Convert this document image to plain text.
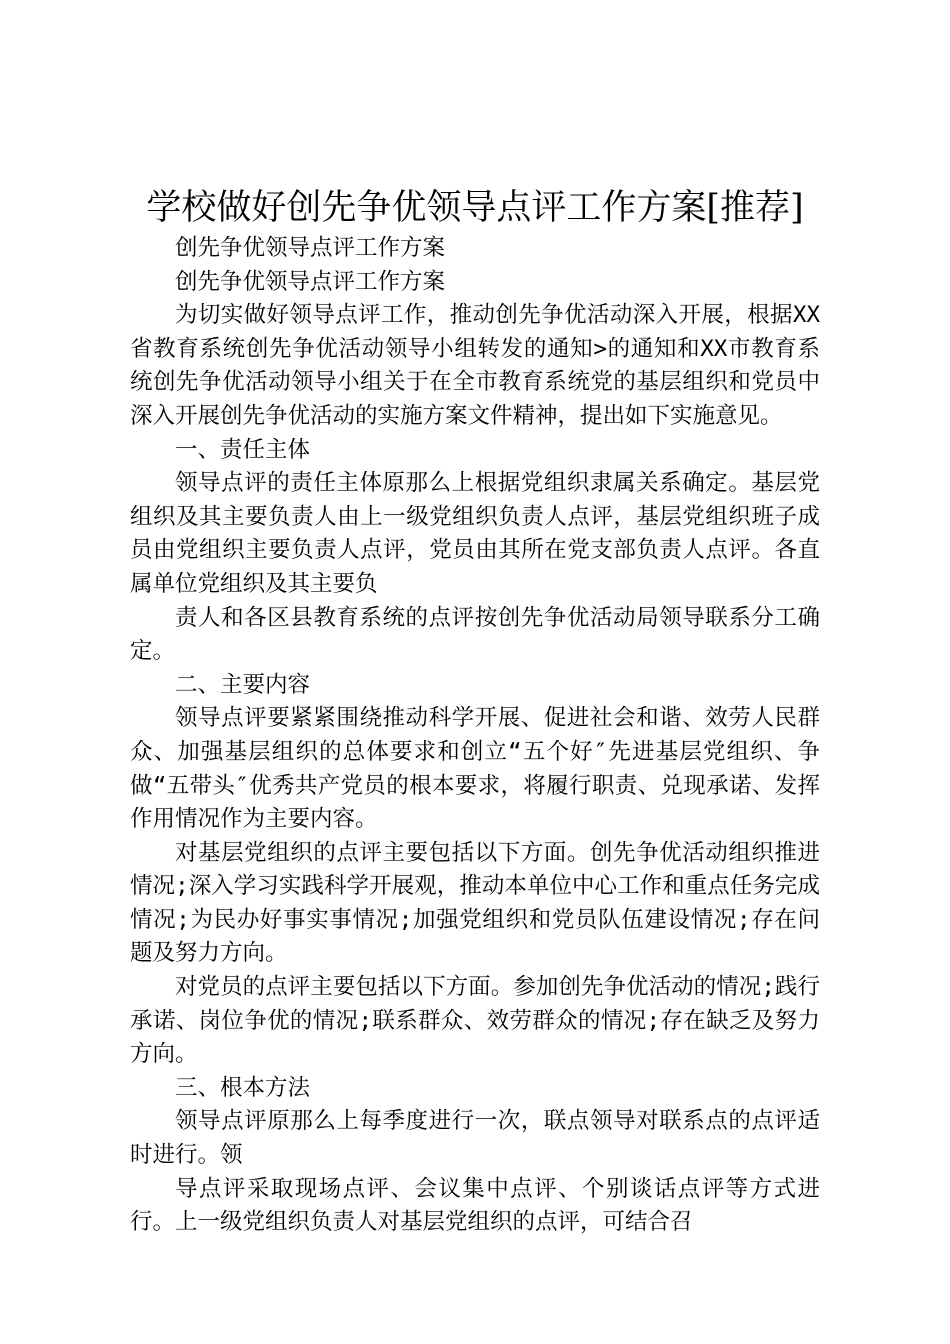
学校做好创先争优领导点评工作方案[推荐]

创先争优领导点评工作方案

创先争优领导点评工作方案

为切实做好领导点评工作，推动创先争优活动深入开展，根据XX省教育系统创先争优活动领导小组转发的通知>的通知和XX市教育系统创先争优活动领导小组关于在全市教育系统党的基层组织和党员中深入开展创先争优活动的实施方案文件精神，提出如下实施意见。

一、责任主体

领导点评的责任主体原那么上根据党组织隶属关系确定。基层党组织及其主要负责人由上一级党组织负责人点评，基层党组织班子成员由党组织主要负责人点评，党员由其所在党支部负责人点评。各直属单位党组织及其主要负

责人和各区县教育系统的点评按创先争优活动局领导联系分工确定。

二、主要内容

领导点评要紧紧围绕推动科学开展、促进社会和谐、效劳人民群众、加强基层组织的总体要求和创立“五个好″先进基层党组织、争做“五带头″优秀共产党员的根本要求，将履行职责、兑现承诺、发挥作用情况作为主要内容。

对基层党组织的点评主要包括以下方面。创先争优活动组织推进情况;深入学习实践科学开展观，推动本单位中心工作和重点任务完成情况;为民办好事实事情况;加强党组织和党员队伍建设情况;存在问题及努力方向。

对党员的点评主要包括以下方面。参加创先争优活动的情况;践行承诺、岗位争优的情况;联系群众、效劳群众的情况;存在缺乏及努力方向。

三、根本方法

领导点评原那么上每季度进行一次，联点领导对联系点的点评适时进行。领

导点评采取现场点评、会议集中点评、个别谈话点评等方式进行。上一级党组织负责人对基层党组织的点评，可结合召
